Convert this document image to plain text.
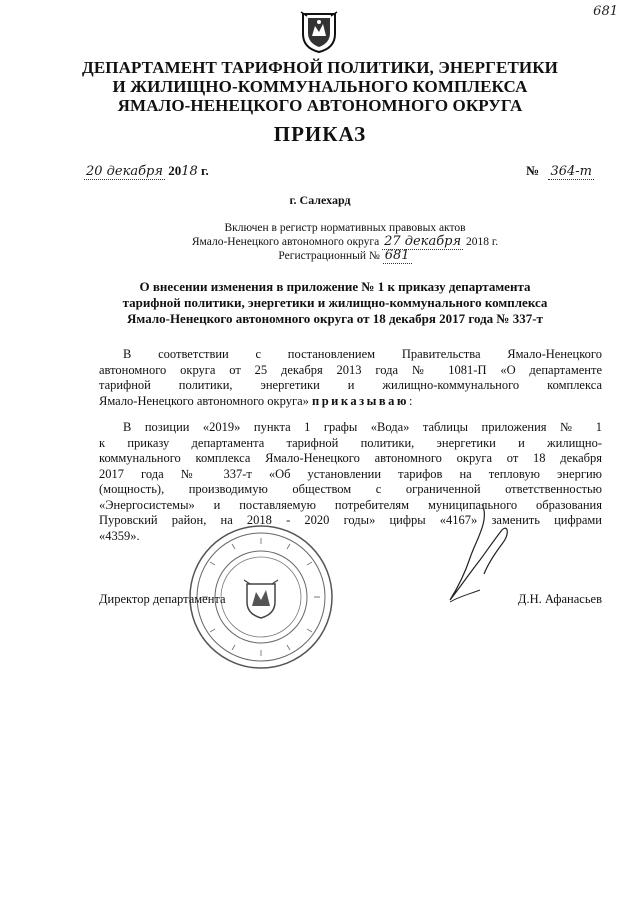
681
ДЕПАРТАМЕНТ ТАРИФНОЙ ПОЛИТИКИ, ЭНЕРГЕТИКИ
И ЖИЛИЩНО-КОММУНАЛЬНОГО КОМПЛЕКСА
ЯМАЛО-НЕНЕЦКОГО АВТОНОМНОГО ОКРУГА
ПРИКАЗ
20 декабря 2018 г.	№ 364-т
г. Салехард
Включен в регистр нормативных правовых актов
Ямало-Ненецкого автономного округа 27 декабря 2018 г.
Регистрационный № 681
О внесении изменения в приложение № 1 к приказу департамента
тарифной политики, энергетики и жилищно-коммунального комплекса
Ямало-Ненецкого автономного округа от 18 декабря 2017 года № 337-т
В соответствии с постановлением Правительства Ямало-Ненецкого
автономного округа от 25 декабря 2013 года № 1081-П «О департаменте
тарифной политики, энергетики и жилищно-коммунального комплекса
Ямало-Ненецкого автономного округа» приказываю:
В позиции «2019» пункта 1 графы «Вода» таблицы приложения № 1
к приказу департамента тарифной политики, энергетики и жилищно-
коммунального комплекса Ямало-Ненецкого автономного округа от 18 декабря
2017 года № 337-т «Об установлении тарифов на тепловую энергию
(мощность), производимую обществом с ограниченной ответственностью
«Энергосистемы» и поставляемую потребителям муниципального образования
Пуровский район, на 2018 - 2020 годы» цифры «4167» заменить цифрами
«4359».
Директор департамента	Д.Н. Афанасьев
